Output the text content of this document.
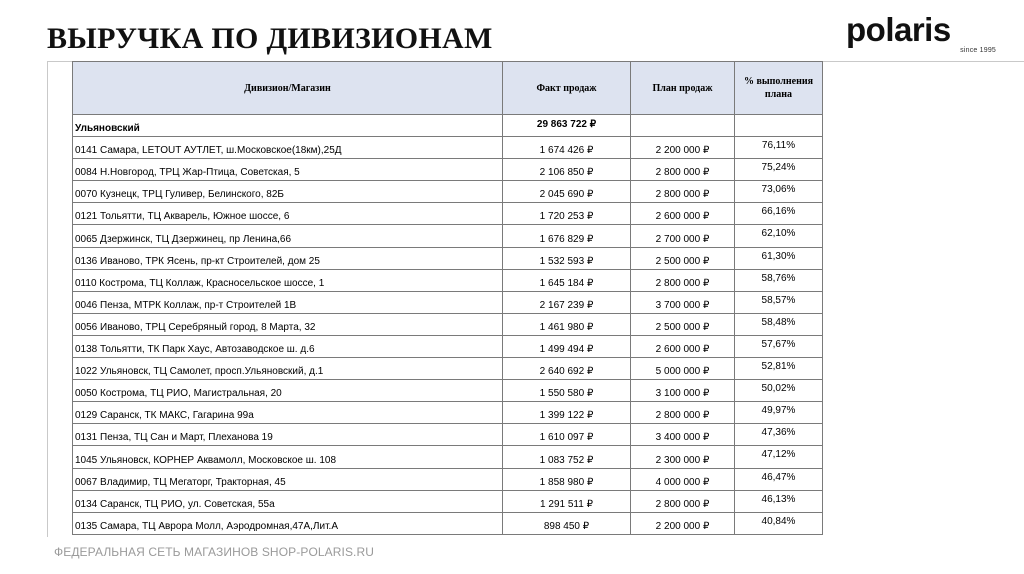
ВЫРУЧКА ПО ДИВИЗИОНАМ	polaris
since 1995
Дивизион/Магазин	Факт продаж	План продаж	% выполнения плана
Ульяновский	29 863 722 ₽		
0141 Самара, LETOUT АУТЛЕТ, ш.Московское(18км),25Д	1 674 426 ₽	2 200 000 ₽	76,11%
0084 Н.Новгород, ТРЦ Жар-Птица, Советская, 5	2 106 850 ₽	2 800 000 ₽	75,24%
0070 Кузнецк, ТРЦ Гуливер, Белинского, 82Б	2 045 690 ₽	2 800 000 ₽	73,06%
0121 Тольятти, ТЦ Акварель, Южное шоссе, 6	1 720 253 ₽	2 600 000 ₽	66,16%
0065 Дзержинск, ТЦ Дзержинец, пр Ленина,66	1 676 829 ₽	2 700 000 ₽	62,10%
0136 Иваново, ТРК Ясень, пр-кт Строителей, дом 25	1 532 593 ₽	2 500 000 ₽	61,30%
0110 Кострома, ТЦ Коллаж, Красносельское шоссе, 1	1 645 184 ₽	2 800 000 ₽	58,76%
0046 Пенза, МТРК Коллаж, пр-т Строителей 1В	2 167 239 ₽	3 700 000 ₽	58,57%
0056 Иваново, ТРЦ Серебряный город, 8 Марта, 32	1 461 980 ₽	2 500 000 ₽	58,48%
0138 Тольятти, ТК Парк Хаус, Автозаводское ш. д.6	1 499 494 ₽	2 600 000 ₽	57,67%
1022 Ульяновск, ТЦ Самолет, просп.Ульяновский, д.1	2 640 692 ₽	5 000 000 ₽	52,81%
0050 Кострома, ТЦ РИО, Магистральная, 20	1 550 580 ₽	3 100 000 ₽	50,02%
0129 Саранск, ТК МАКС, Гагарина 99а	1 399 122 ₽	2 800 000 ₽	49,97%
0131 Пенза, ТЦ Сан и Март, Плеханова 19	1 610 097 ₽	3 400 000 ₽	47,36%
1045 Ульяновск, КОРНЕР Аквамолл, Московское ш. 108	1 083 752 ₽	2 300 000 ₽	47,12%
0067 Владимир, ТЦ Мегаторг, Тракторная, 45	1 858 980 ₽	4 000 000 ₽	46,47%
0134 Саранск, ТЦ РИО, ул. Советская, 55а	1 291 511 ₽	2 800 000 ₽	46,13%
0135 Самара, ТЦ Аврора Молл, Аэродромная,47А,Лит.А	898 450 ₽	2 200 000 ₽	40,84%
ФЕДЕРАЛЬНАЯ СЕТЬ МАГАЗИНОВ SHOP-POLARIS.RU
